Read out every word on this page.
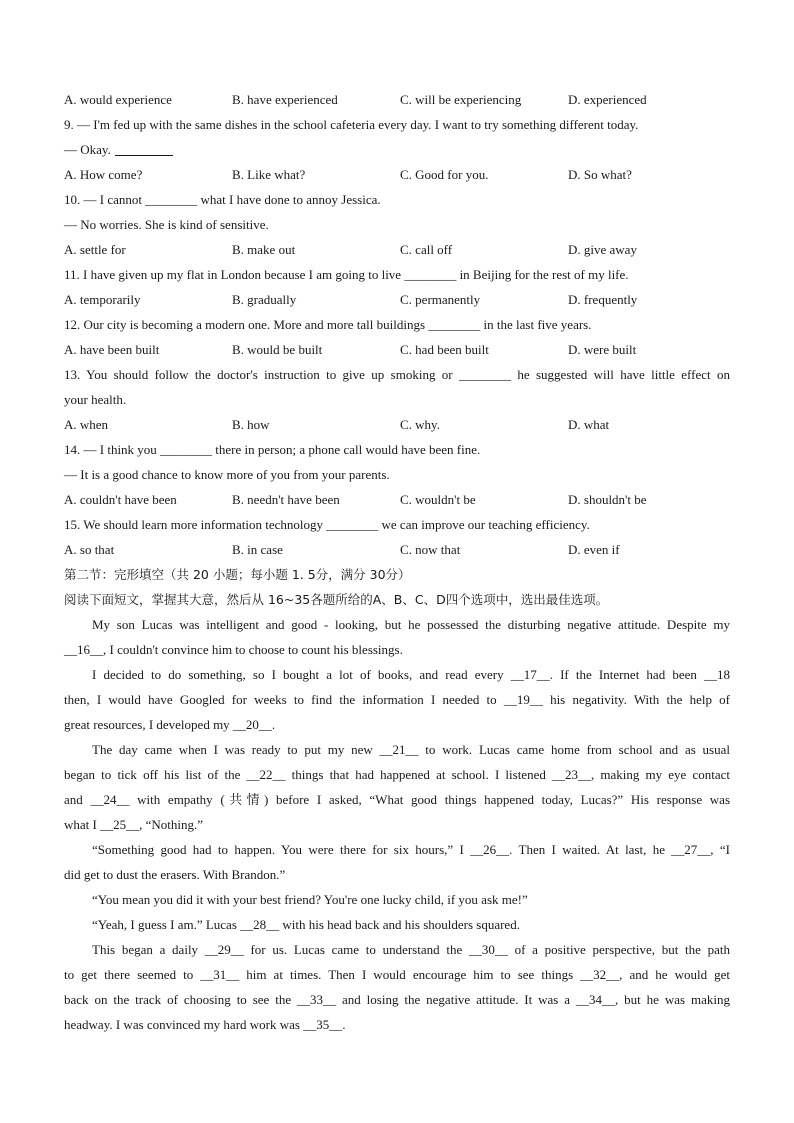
A. would experience	B. have experienced	C. will be experiencing	D. experienced
9. — I'm fed up with the same dishes in the school cafeteria every day. I want to try something different today.
— Okay.
A. How come?	B. Like what?	C. Good for you.	D. So what?
10. — I cannot ________ what I have done to annoy Jessica.
— No worries. She is kind of sensitive.
A. settle for	B. make out	C. call off	D. give away
11. I have given up my flat in London because I am going to live ________ in Beijing for the rest of my life.
A. temporarily	B. gradually	C. permanently	D. frequently
12. Our city is becoming a modern one. More and more tall buildings ________ in the last five years.
A. have been built	B. would be built	C. had been built	D. were built
13. You should follow the doctor's instruction to give up smoking or ________ he suggested will have little effect on
your health.
A. when	B. how	C. why.	D. what
14. — I think you ________ there in person; a phone call would have been fine.
— It is a good chance to know more of you from your parents.
A. couldn't have been	B. needn't have been	C. wouldn't be	D. shouldn't be
15. We should learn more information technology ________ we can improve our teaching efficiency.
A. so that	B. in case	C. now that	D. even if
第二节：完形填空（共 20 小题；每小题 1. 5分，满分 30分）
阅读下面短文，掌握其大意，然后从 16~35各题所给的A、B、C、D四个选项中，选出最佳选项。
My son Lucas was intelligent and good - looking, but he possessed the disturbing negative attitude. Despite my
__16__, I couldn't convince him to choose to count his blessings.
I decided to do something, so I bought a lot of books, and read every __17__. If the Internet had been __18
then, I would have Googled for weeks to find the information I needed to __19__ his negativity. With the help of
great resources, I developed my __20__.
The day came when I was ready to put my new __21__ to work. Lucas came home from school and as usual
began to tick off his list of the __22__ things that had happened at school. I listened __23__, making my eye contact
and __24__ with empathy (共情) before I asked, “What good things happened today, Lucas?” His response was
what I __25__, “Nothing.”
“Something good had to happen. You were there for six hours,” I __26__. Then I waited. At last, he __27__, “I
did get to dust the erasers. With Brandon.”
“You mean you did it with your best friend? You're one lucky child, if you ask me!”
“Yeah, I guess I am.” Lucas __28__ with his head back and his shoulders squared.
This began a daily __29__ for us. Lucas came to understand the __30__ of a positive perspective, but the path
to get there seemed to __31__ him at times. Then I would encourage him to see things __32__, and he would get
back on the track of choosing to see the __33__ and losing the negative attitude. It was a __34__, but he was making
headway. I was convinced my hard work was __35__.
